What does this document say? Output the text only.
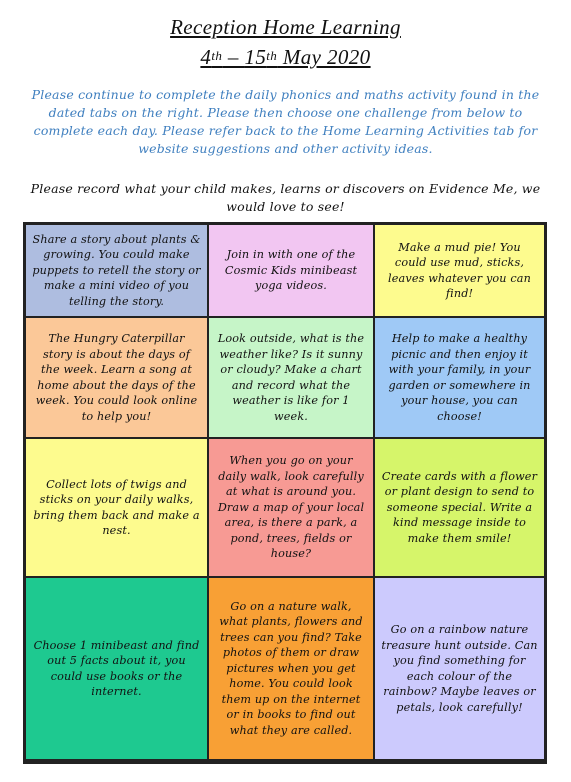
Reception Home Learning

4th – 15th May 2020

Please continue to complete the daily phonics and maths activity found in the dated tabs on the right. Please then choose one challenge from below to complete each day. Please refer back to the Home Learning Activities tab for website suggestions and other activity ideas.

Please record what your child makes, learns or discovers on Evidence Me, we would love to see!

Share a story about plants & growing. You could make puppets to retell the story or make a mini video of you telling the story.
Join in with one of the Cosmic Kids minibeast yoga videos.
Make a mud pie! You could use mud, sticks, leaves whatever you can find!
The Hungry Caterpillar story is about the days of the week. Learn a song at home about the days of the week. You could look online to help you!
Look outside, what is the weather like? Is it sunny or cloudy? Make a chart and record what the weather is like for 1 week.
Help to make a healthy picnic and then enjoy it with your family, in your garden or somewhere in your house, you can choose!
Collect lots of twigs and sticks on your daily walks, bring them back and make a nest.
When you go on your daily walk, look carefully at what is around you. Draw a map of your local area, is there a park, a pond, trees, fields or house?
Create cards with a flower or plant design to send to someone special. Write a kind message inside to make them smile!
Choose 1 minibeast and find out 5 facts about it, you could use books or the internet.
Go on a nature walk, what plants, flowers and trees can you find? Take photos of them or draw pictures when you get home. You could look them up on the internet or in books to find out what they are called.
Go on a rainbow nature treasure hunt outside. Can you find something for each colour of the rainbow? Maybe leaves or petals, look carefully!
